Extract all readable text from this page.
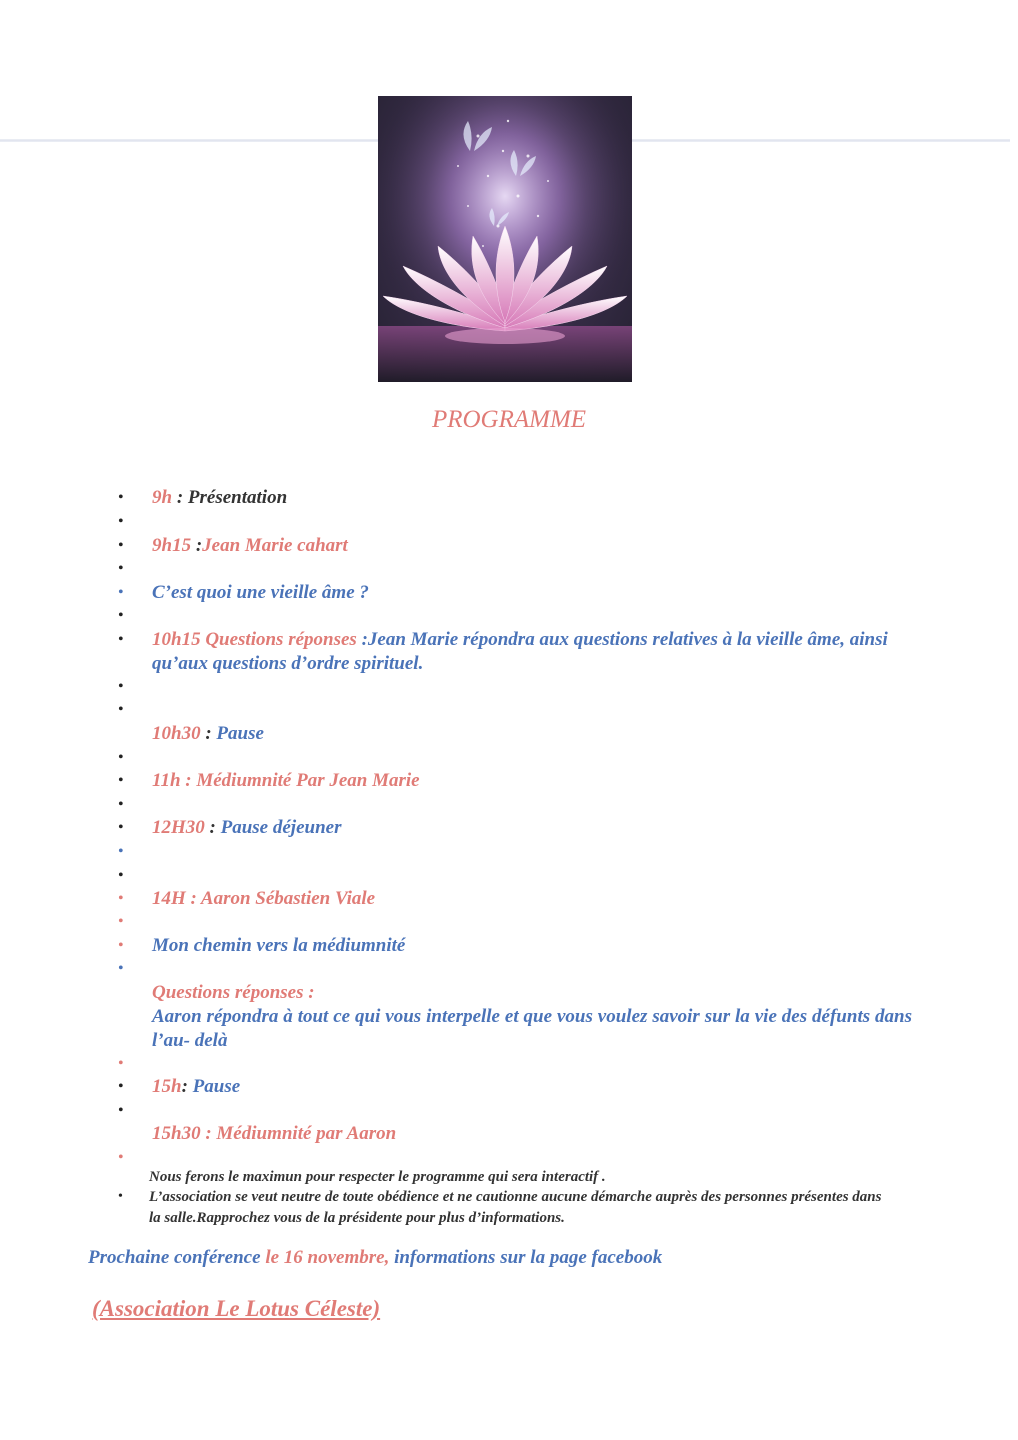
PROGRAMME
• 9h : Présentation
•
• 9h15 :Jean Marie cahart
•
• C’est quoi une vieille âme ?
•
• 10h15 Questions réponses :Jean Marie répondra aux questions relatives à la vieille âme, ainsi qu’aux questions d’ordre spirituel.
•
•
10h30 : Pause
•
• 11h : Médiumnité Par Jean Marie
•
• 12H30 : Pause déjeuner
•
•
• 14H : Aaron Sébastien Viale
•
• Mon chemin vers la médiumnité
•
Questions réponses :
Aaron répondra à tout ce qui vous interpelle et que vous voulez savoir sur la vie des défunts dans l’au- delà
•
• 15h: Pause
•
15h30 : Médiumnité par Aaron
•
Nous ferons le maximun pour respecter le programme qui sera interactif .
• L’association se veut neutre de toute obédience et ne cautionne aucune démarche auprès des personnes présentes dans la salle.Rapprochez vous de la présidente pour plus d’informations.
Prochaine conférence le 16 novembre, informations sur la page facebook
(Association Le Lotus Céleste)
